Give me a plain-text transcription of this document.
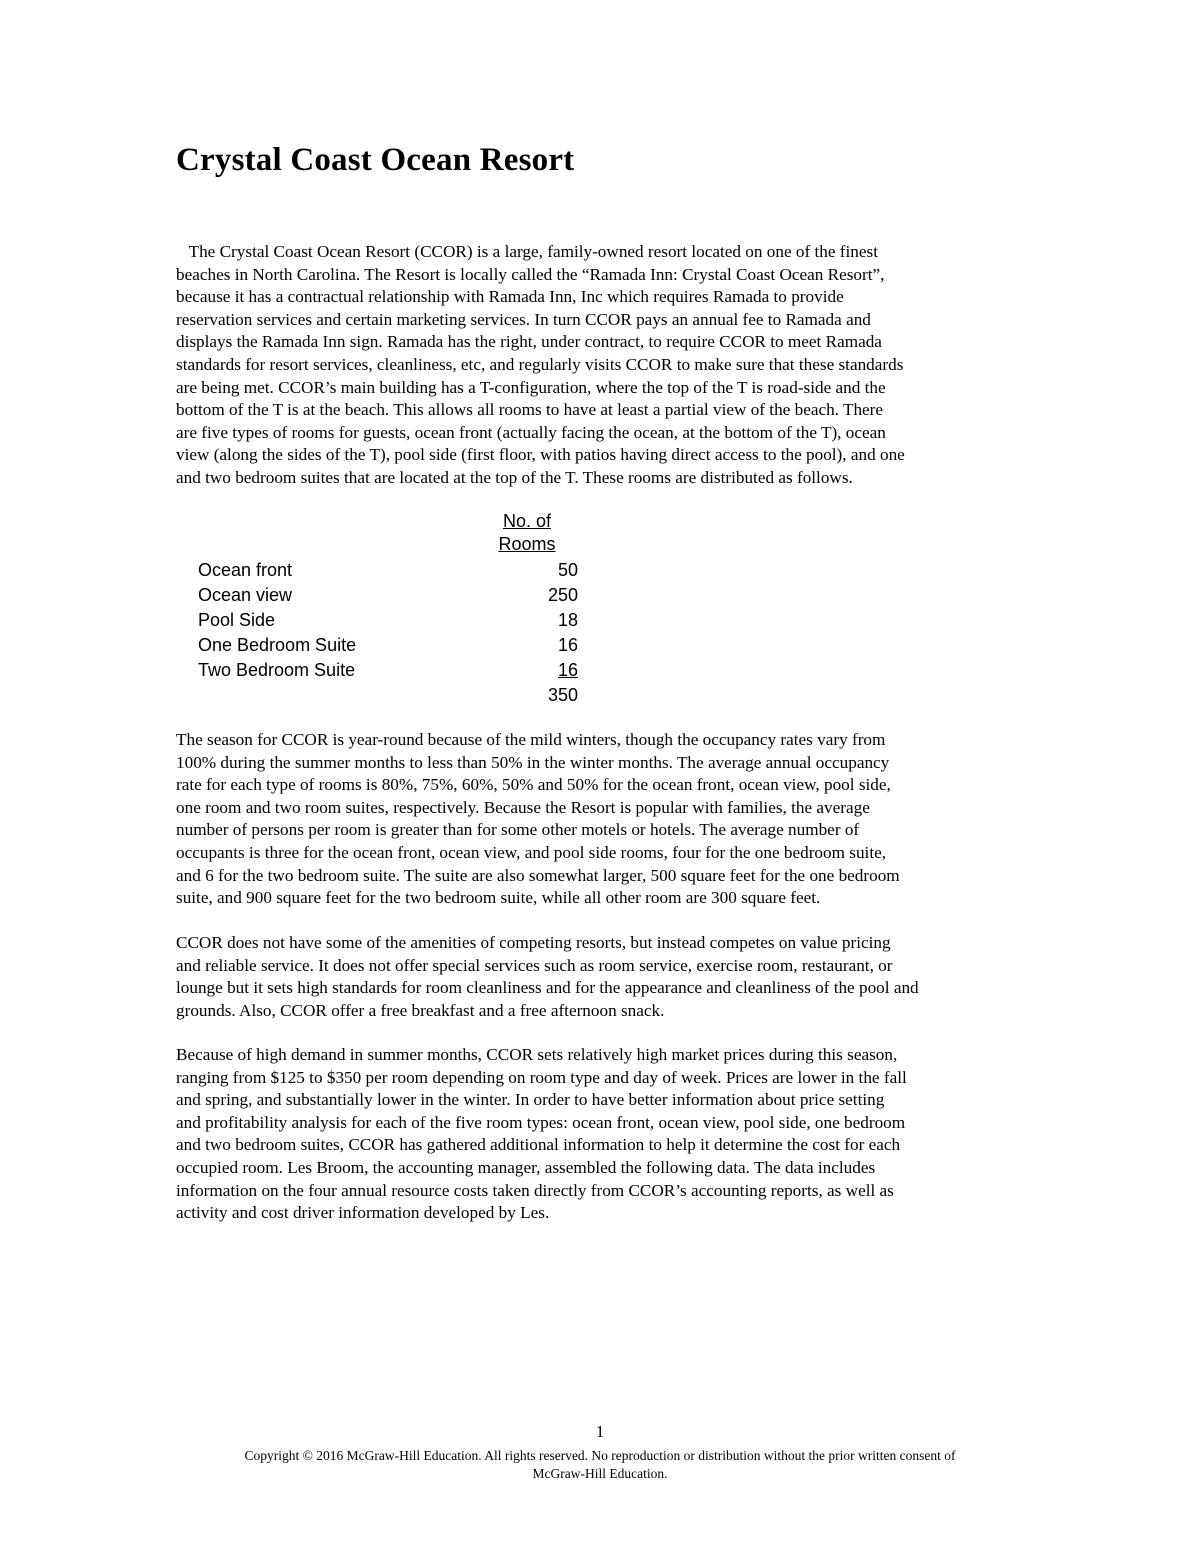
Crystal Coast Ocean Resort
The Crystal Coast Ocean Resort (CCOR) is a large, family-owned resort located on one of the finest
beaches in North Carolina. The Resort is locally called the “Ramada Inn: Crystal Coast Ocean Resort”,
because it has a contractual relationship with Ramada Inn, Inc which requires Ramada to provide
reservation services and certain marketing services. In turn CCOR pays an annual fee to Ramada and
displays the Ramada Inn sign. Ramada has the right, under contract, to require CCOR to meet Ramada
standards for resort services, cleanliness, etc, and regularly visits CCOR to make sure that these standards
are being met. CCOR’s main building has a T-configuration, where the top of the T is road-side and the
bottom of the T is at the beach. This allows all rooms to have at least a partial view of the beach. There
are five types of rooms for guests, ocean front (actually facing the ocean, at the bottom of the T), ocean
view (along the sides of the T), pool side (first floor, with patios having direct access to the pool), and one
and two bedroom suites that are located at the top of the T. These rooms are distributed as follows.
No. of
Rooms
Ocean front	50
Ocean view	250
Pool Side	18
One Bedroom Suite	16
Two Bedroom Suite	16
350
The season for CCOR is year-round because of the mild winters, though the occupancy rates vary from
100% during the summer months to less than 50% in the winter months. The average annual occupancy
rate for each type of rooms is 80%, 75%, 60%, 50% and 50% for the ocean front, ocean view, pool side,
one room and two room suites, respectively. Because the Resort is popular with families, the average
number of persons per room is greater than for some other motels or hotels. The average number of
occupants is three for the ocean front, ocean view, and pool side rooms, four for the one bedroom suite,
and 6 for the two bedroom suite. The suite are also somewhat larger, 500 square feet for the one bedroom
suite, and 900 square feet for the two bedroom suite, while all other room are 300 square feet.
CCOR does not have some of the amenities of competing resorts, but instead competes on value pricing
and reliable service. It does not offer special services such as room service, exercise room, restaurant, or
lounge but it sets high standards for room cleanliness and for the appearance and cleanliness of the pool and
grounds. Also, CCOR offer a free breakfast and a free afternoon snack.
Because of high demand in summer months, CCOR sets relatively high market prices during this season,
ranging from $125 to $350 per room depending on room type and day of week. Prices are lower in the fall
and spring, and substantially lower in the winter. In order to have better information about price setting
and profitability analysis for each of the five room types: ocean front, ocean view, pool side, one bedroom
and two bedroom suites, CCOR has gathered additional information to help it determine the cost for each
occupied room. Les Broom, the accounting manager, assembled the following data. The data includes
information on the four annual resource costs taken directly from CCOR’s accounting reports, as well as
activity and cost driver information developed by Les.
1
Copyright © 2016 McGraw-Hill Education. All rights reserved. No reproduction or distribution without the prior written consent of
McGraw-Hill Education.
